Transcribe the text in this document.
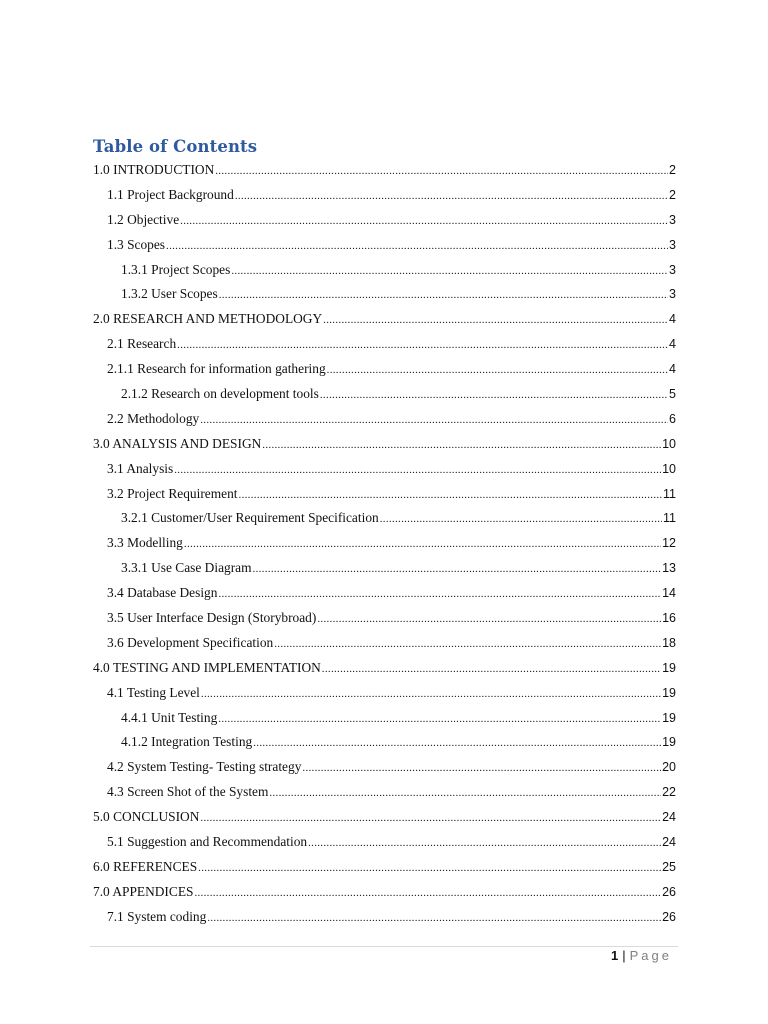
Table of Contents
1.0 INTRODUCTION .....	2
1.1 Project Background .....	2
1.2 Objective .....	3
1.3 Scopes .....	3
1.3.1 Project Scopes .....	3
1.3.2 User Scopes .....	3
2.0 RESEARCH AND METHODOLOGY .....	4
2.1 Research .....	4
2.1.1 Research for information gathering .....	4
2.1.2 Research on development tools .....	5
2.2 Methodology .....	6
3.0 ANALYSIS AND DESIGN .....	10
3.1 Analysis .....	10
3.2 Project Requirement .....	11
3.2.1 Customer/User Requirement Specification .....	11
3.3 Modelling .....	12
3.3.1 Use Case Diagram .....	13
3.4 Database Design .....	14
3.5 User Interface Design (Storybroad) .....	16
3.6 Development Specification .....	18
4.0 TESTING AND IMPLEMENTATION .....	19
4.1 Testing Level .....	19
4.4.1 Unit Testing .....	19
4.1.2 Integration Testing .....	19
4.2 System Testing- Testing strategy .....	20
4.3 Screen Shot of the System .....	22
5.0 CONCLUSION .....	24
5.1 Suggestion and Recommendation .....	24
6.0 REFERENCES .....	25
7.0 APPENDICES .....	26
7.1 System coding .....	26
1 | Page
